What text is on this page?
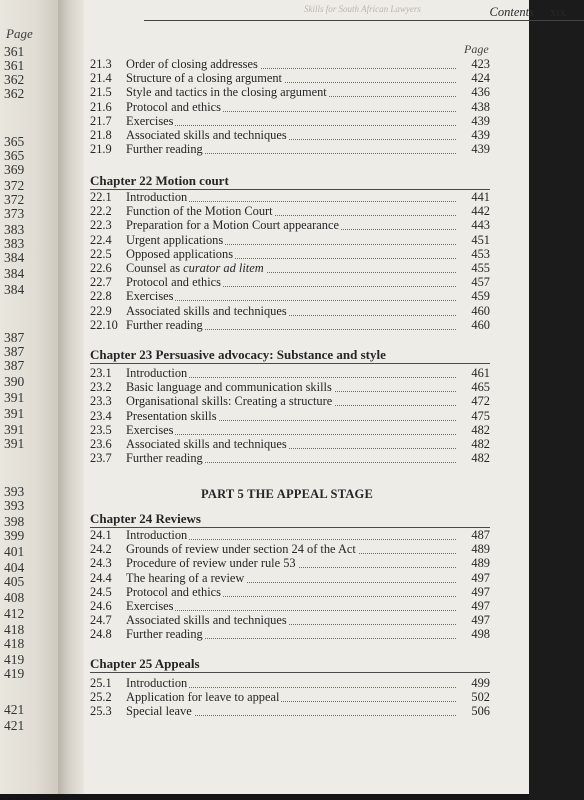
Page
361
361
362
362
365
365
369
372
372
373
383
383
384
384
384
387
387
387
390
391
391
391
391
393
393
398
399
401
404
405
408
412
418
418
419
419
421
421
Skills for South African Lawyers	Contents xix
Page
21.3 Order of closing addresses	423
21.4 Structure of a closing argument	424
21.5 Style and tactics in the closing argument	436
21.6 Protocol and ethics	438
21.7 Exercises	439
21.8 Associated skills and techniques	439
21.9 Further reading	439
Chapter 22 Motion court
22.1 Introduction	441
22.2 Function of the Motion Court	442
22.3 Preparation for a Motion Court appearance	443
22.4 Urgent applications	451
22.5 Opposed applications	453
22.6 Counsel as curator ad litem	455
22.7 Protocol and ethics	457
22.8 Exercises	459
22.9 Associated skills and techniques	460
22.10 Further reading	460
Chapter 23 Persuasive advocacy: Substance and style
23.1 Introduction	461
23.2 Basic language and communication skills	465
23.3 Organisational skills: Creating a structure	472
23.4 Presentation skills	475
23.5 Exercises	482
23.6 Associated skills and techniques	482
23.7 Further reading	482
PART 5 THE APPEAL STAGE
Chapter 24 Reviews
24.1 Introduction	487
24.2 Grounds of review under section 24 of the Act	489
24.3 Procedure of review under rule 53	489
24.4 The hearing of a review	497
24.5 Protocol and ethics	497
24.6 Exercises	497
24.7 Associated skills and techniques	497
24.8 Further reading	498
Chapter 25 Appeals
25.1 Introduction	499
25.2 Application for leave to appeal	502
25.3 Special leave	506
